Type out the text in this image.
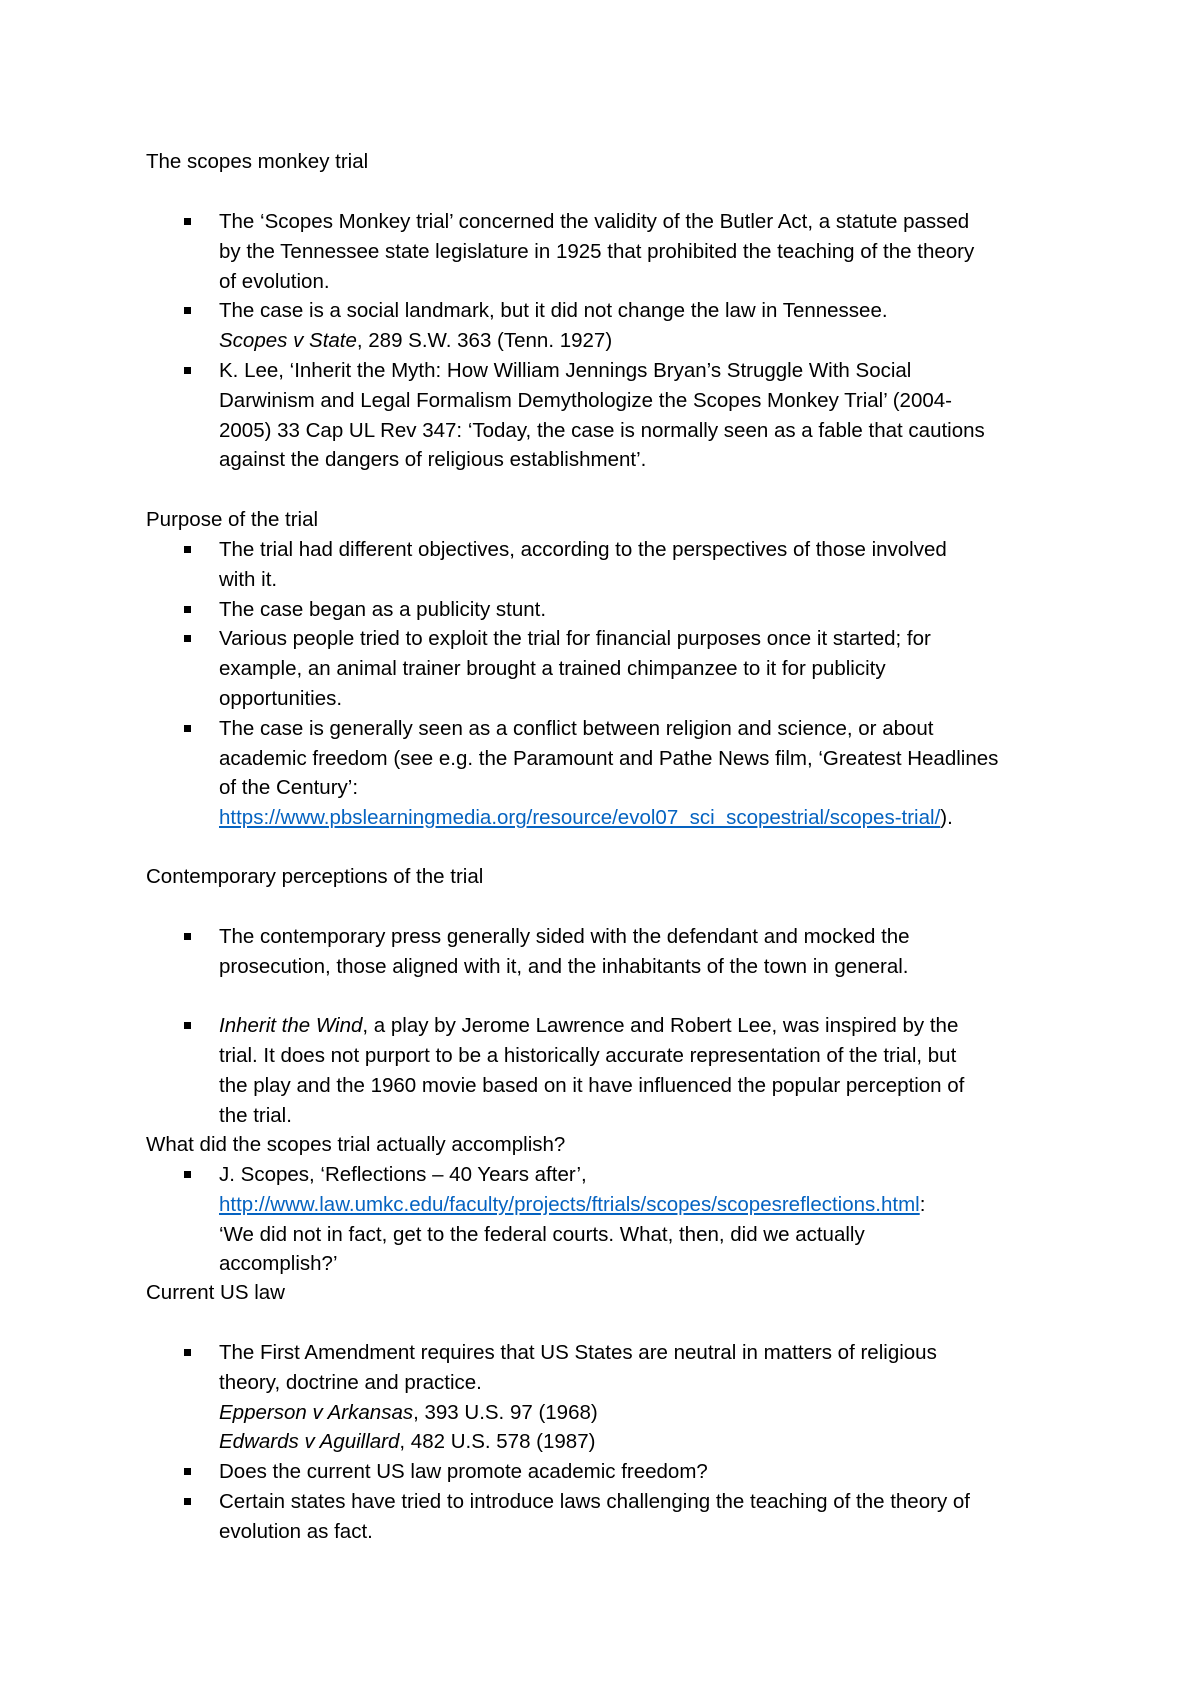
The scopes monkey trial
The ‘Scopes Monkey trial’ concerned the validity of the Butler Act, a statute passed
by the Tennessee state legislature in 1925 that prohibited the teaching of the theory
of evolution.
The case is a social landmark, but it did not change the law in Tennessee.
Scopes v State, 289 S.W. 363 (Tenn. 1927)
K. Lee, ‘Inherit the Myth: How William Jennings Bryan’s Struggle With Social
Darwinism and Legal Formalism Demythologize the Scopes Monkey Trial’ (2004-
2005) 33 Cap UL Rev 347: ‘Today, the case is normally seen as a fable that cautions
against the dangers of religious establishment’.
Purpose of the trial
The trial had different objectives, according to the perspectives of those involved
with it.
The case began as a publicity stunt.
Various people tried to exploit the trial for financial purposes once it started; for
example, an animal trainer brought a trained chimpanzee to it for publicity
opportunities.
The case is generally seen as a conflict between religion and science, or about
academic freedom (see e.g. the Paramount and Pathe News film, ‘Greatest Headlines
of the Century’:
https://www.pbslearningmedia.org/resource/evol07_sci_scopestrial/scopes-trial/).
Contemporary perceptions of the trial
The contemporary press generally sided with the defendant and mocked the
prosecution, those aligned with it, and the inhabitants of the town in general.
Inherit the Wind, a play by Jerome Lawrence and Robert Lee, was inspired by the
trial. It does not purport to be a historically accurate representation of the trial, but
the play and the 1960 movie based on it have influenced the popular perception of
the trial.
What did the scopes trial actually accomplish?
J. Scopes, ‘Reflections – 40 Years after’,
http://www.law.umkc.edu/faculty/projects/ftrials/scopes/scopesreflections.html:
‘We did not in fact, get to the federal courts. What, then, did we actually
accomplish?’
Current US law
The First Amendment requires that US States are neutral in matters of religious
theory, doctrine and practice.
Epperson v Arkansas, 393 U.S. 97 (1968)
Edwards v Aguillard, 482 U.S. 578 (1987)
Does the current US law promote academic freedom?
Certain states have tried to introduce laws challenging the teaching of the theory of
evolution as fact.
